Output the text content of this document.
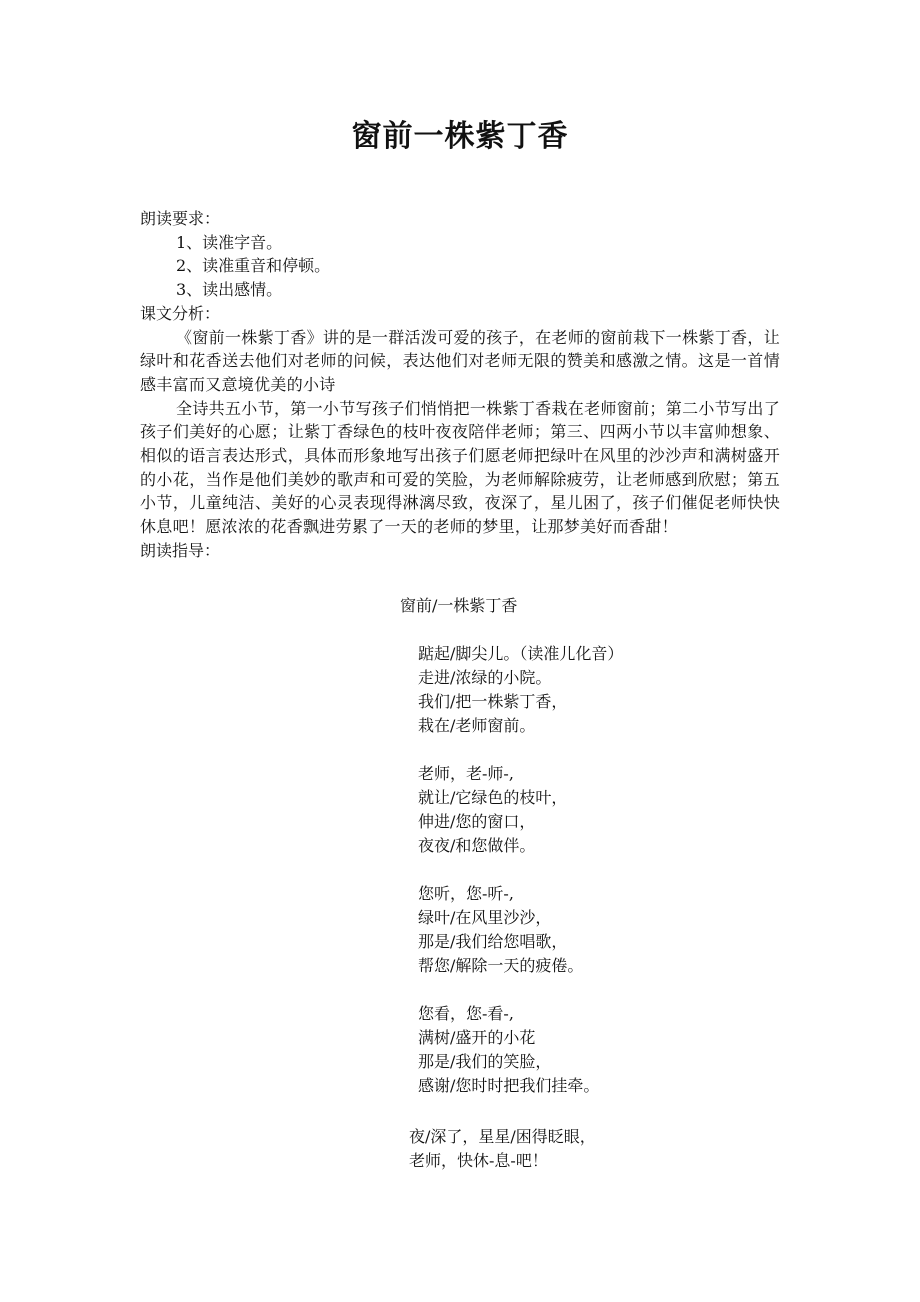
窗前一株紫丁香

朗读要求：

1、读准字音。

2、读准重音和停顿。

3、读出感情。

课文分析：

《窗前一株紫丁香》讲的是一群活泼可爱的孩子，在老师的窗前栽下一株紫丁香，让绿叶和花香送去他们对老师的问候，表达他们对老师无限的赞美和感激之情。这是一首情感丰富而又意境优美的小诗

全诗共五小节，第一小节写孩子们悄悄把一株紫丁香栽在老师窗前；第二小节写出了孩子们美好的心愿；让紫丁香绿色的枝叶夜夜陪伴老师；第三、四两小节以丰富帅想象、相似的语言表达形式，具体而形象地写出孩子们愿老师把绿叶在风里的沙沙声和满树盛开的小花，当作是他们美妙的歌声和可爱的笑脸，为老师解除疲劳，让老师感到欣慰；第五小节，儿童纯洁、美好的心灵表现得淋漓尽致，夜深了，星儿困了，孩子们催促老师快快休息吧！愿浓浓的花香飘进劳累了一天的老师的梦里，让那梦美好而香甜！

朗读指导：

窗前/一株紫丁香

踮起/脚尖儿。（读准儿化音）

走进/浓绿的小院。

我们/把一株紫丁香，

栽在/老师窗前。

老师，老-师-,

就让/它绿色的枝叶，

伸进/您的窗口，

夜夜/和您做伴。

您听，您-听-,

绿叶/在风里沙沙，

那是/我们给您唱歌，

帮您/解除一天的疲倦。

您看，您-看-,

满树/盛开的小花

那是/我们的笑脸，

感谢/您时时把我们挂牵。

夜/深了，星星/困得眨眼，

老师，快休-息-吧！
